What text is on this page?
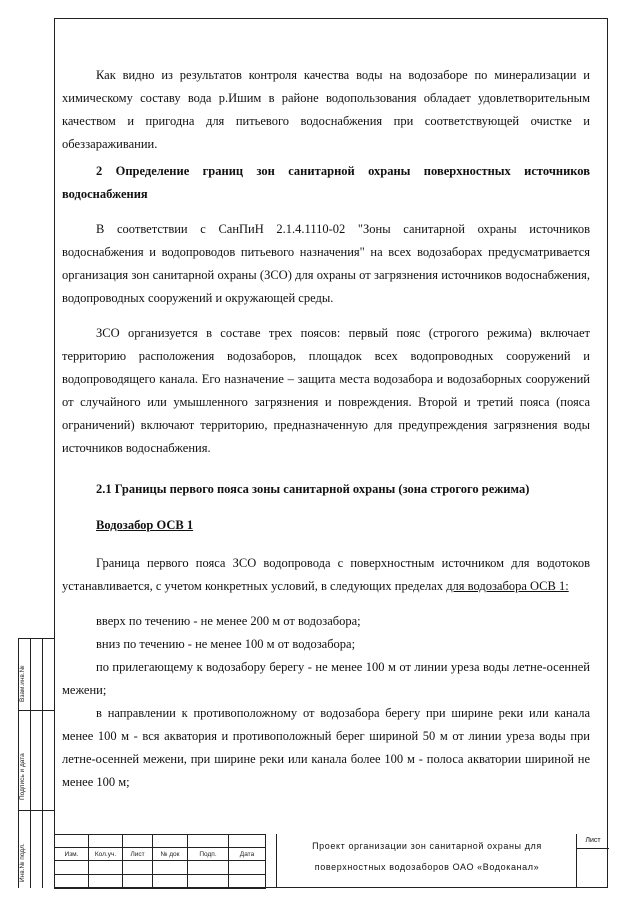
Взам.инв.№
Подпись и дата
Инв.№ подл.

Как видно из результатов контроля качества воды на водозаборе по минерализации и химическому составу вода р.Ишим в районе водопользования обладает удовлетворительным качеством и пригодна для питьевого водоснабжения при соответствующей очистке и обеззараживании.

2 Определение границ зон санитарной охраны поверхностных источников водоснабжения

В соответствии с СанПиН 2.1.4.1110-02 "Зоны санитарной охраны источников водоснабжения и водопроводов питьевого назначения" на всех водозаборах предусматривается организация зон санитарной охраны (ЗСО) для охраны от загрязнения источников водоснабжения, водопроводных сооружений и окружающей среды.

ЗСО организуется в составе трех поясов: первый пояс (строгого режима) включает территорию расположения водозаборов, площадок всех водопроводных сооружений и водопроводящего канала. Его назначение – защита места водозабора и водозаборных сооружений от случайного или умышленного загрязнения и повреждения. Второй и третий пояса (пояса ограничений) включают территорию, предназначенную для предупреждения загрязнения воды источников водоснабжения.

2.1 Границы первого пояса зоны санитарной охраны (зона строгого режима)

Водозабор ОСВ 1

Граница первого пояса ЗСО водопровода с поверхностным источником для водотоков устанавливается, с учетом конкретных условий, в следующих пределах для водозабора ОСВ 1:

вверх по течению - не менее 200 м от водозабора;

вниз по течению - не менее 100 м от водозабора;

по прилегающему к водозабору берегу - не менее 100 м от линии уреза воды летне-осенней межени;

в направлении к противоположному от водозабора берегу при ширине реки или канала менее 100 м - вся акватория и противоположный берег шириной 50 м от линии уреза воды при летне-осенней межени, при ширине реки или канала более 100 м - полоса акватории шириной не менее 100 м;

Изм.	Кол.уч.	Лист	№ док	Подп.	Дата

Проект организации зон санитарной охраны для
поверхностных водозаборов ОАО «Водоканал»
Лист
